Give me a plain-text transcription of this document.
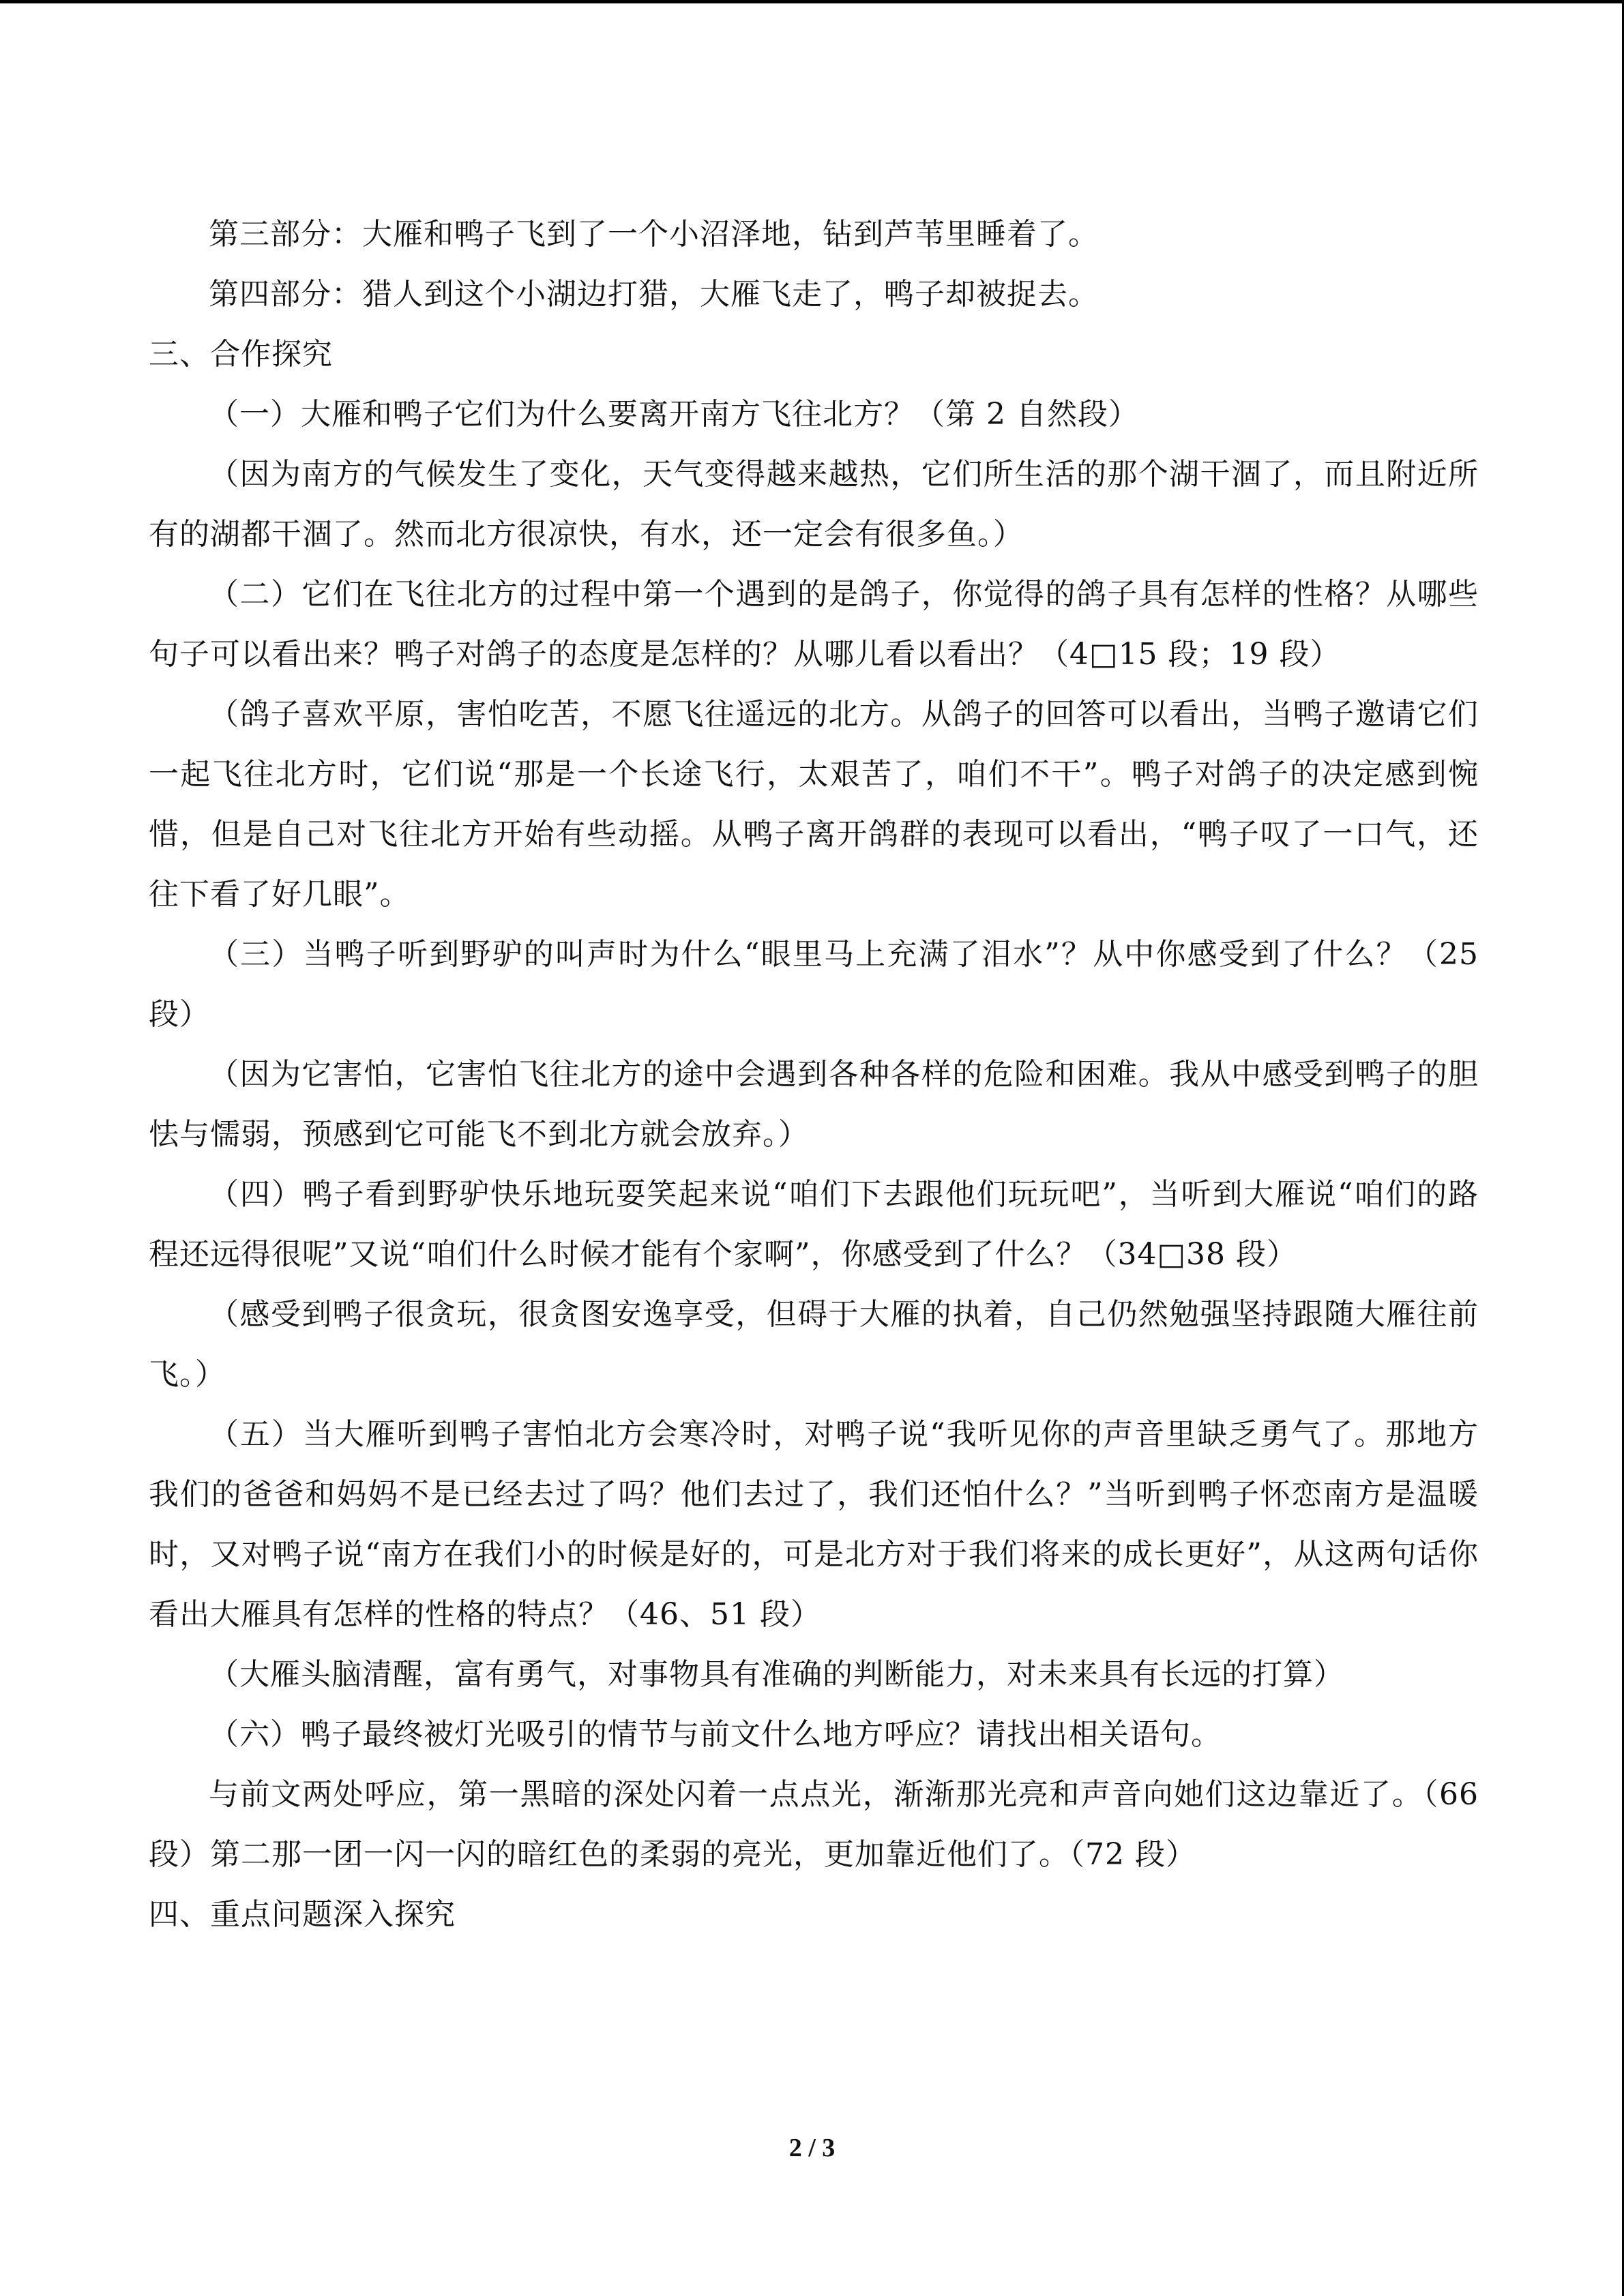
第三部分：大雁和鸭子飞到了一个小沼泽地，钻到芦苇里睡着了。

第四部分：猎人到这个小湖边打猎，大雁飞走了，鸭子却被捉去。

三、合作探究

（一）大雁和鸭子它们为什么要离开南方飞往北方？（第 2 自然段）

（因为南方的气候发生了变化，天气变得越来越热，它们所生活的那个湖干涸了，而且附近所有的湖都干涸了。然而北方很凉快，有水，还一定会有很多鱼。）

（二）它们在飞往北方的过程中第一个遇到的是鸽子，你觉得的鸽子具有怎样的性格？从哪些句子可以看出来？鸭子对鸽子的态度是怎样的？从哪儿看以看出？（4□15 段；19 段）

（鸽子喜欢平原，害怕吃苦，不愿飞往遥远的北方。从鸽子的回答可以看出，当鸭子邀请它们一起飞往北方时，它们说“那是一个长途飞行，太艰苦了，咱们不干”。鸭子对鸽子的决定感到惋惜，但是自己对飞往北方开始有些动摇。从鸭子离开鸽群的表现可以看出，“鸭子叹了一口气，还往下看了好几眼”。

（三）当鸭子听到野驴的叫声时为什么“眼里马上充满了泪水”？从中你感受到了什么？（25 段）

（因为它害怕，它害怕飞往北方的途中会遇到各种各样的危险和困难。我从中感受到鸭子的胆怯与懦弱，预感到它可能飞不到北方就会放弃。）

（四）鸭子看到野驴快乐地玩耍笑起来说“咱们下去跟他们玩玩吧”，当听到大雁说“咱们的路程还远得很呢”又说“咱们什么时候才能有个家啊”，你感受到了什么？（34□38 段）

（感受到鸭子很贪玩，很贪图安逸享受，但碍于大雁的执着，自己仍然勉强坚持跟随大雁往前飞。）

（五）当大雁听到鸭子害怕北方会寒冷时，对鸭子说“我听见你的声音里缺乏勇气了。那地方我们的爸爸和妈妈不是已经去过了吗？他们去过了，我们还怕什么？”当听到鸭子怀恋南方是温暖时，又对鸭子说“南方在我们小的时候是好的，可是北方对于我们将来的成长更好”，从这两句话你看出大雁具有怎样的性格的特点？（46、51 段）

（大雁头脑清醒，富有勇气，对事物具有准确的判断能力，对未来具有长远的打算）

（六）鸭子最终被灯光吸引的情节与前文什么地方呼应？请找出相关语句。

与前文两处呼应，第一黑暗的深处闪着一点点光，渐渐那光亮和声音向她们这边靠近了。（66 段）第二那一团一闪一闪的暗红色的柔弱的亮光，更加靠近他们了。（72 段）

四、重点问题深入探究

2 / 3
